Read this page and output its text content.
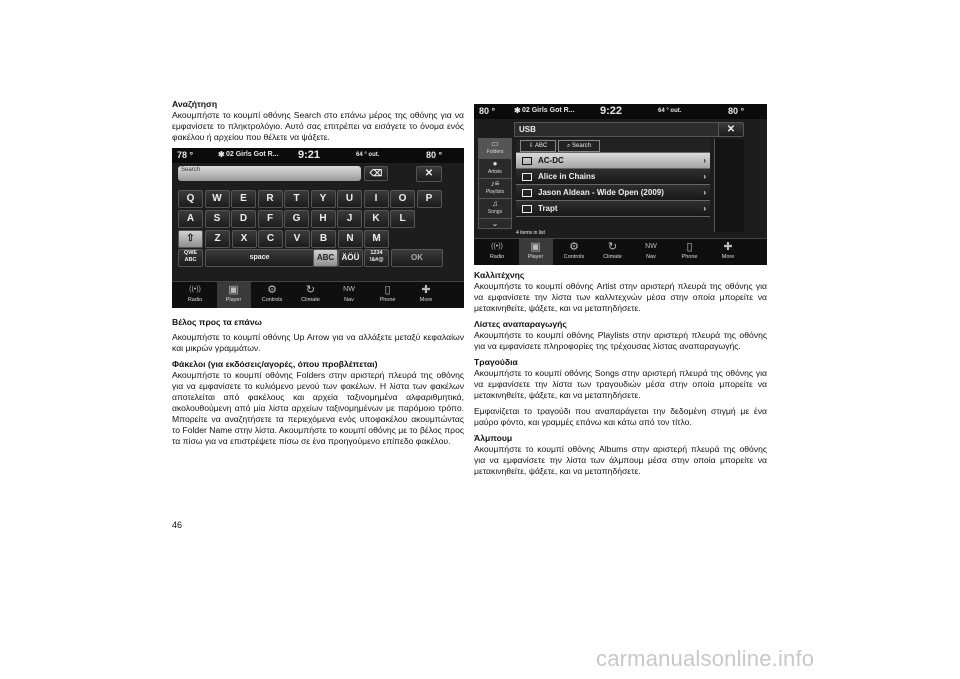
Αναζήτηση

Ακουμπήστε το κουμπί οθόνης Search στο επάνω μέρος της οθόνης για να εμφανίσετε το πληκτρολόγιο. Αυτό σας επιτρέπει να εισάγετε το όνομα ενός φακέλου ή αρχείου που θέλετε να ψάξετε.

78 °	✱ 02 Girls Got R... 9:21	64 ° out.	80 °
Search	⌫	✕
Q	W	E	R	T	Y	U	I	O	P
A	S	D	F	G	H	J	K	L
Z	X	C	V	B	N	M
⇧
QWE
ABC	space	ABC ÄÖÜ	1234
!&#@	OK
((•))
Radio
▣
Player
⚙
Controls
↻
Climate
NW
Nav
▯
Phone
✚
More
Βέλος προς τα επάνω

Ακουμπήστε το κουμπί οθόνης Up Arrow για να αλλάξετε μεταξύ κεφαλαίων και μικρών γραμμάτων.

Φάκελοι (για εκδόσεις/αγορές, όπου προβλέπεται)

Ακουμπήστε το κουμπί οθόνης Folders στην αριστερή πλευρά της οθόνης για να εμφανίσετε το κυλιόμενο μενού των φακέλων. Η λίστα των φακέλων αποτελείται από φακέλους και αρχεία ταξινομημένα αλφαριθμητικά, ακολουθούμενη από μία λίστα αρχείων ταξινομημένων με παρόμοιο τρόπο. Μπορείτε να αναζητήσετε τα περιεχόμενα ενός υποφακέλου ακουμπώντας το Folder Name στην λίστα. Ακουμπήστε το κουμπί οθόνης με το βέλος προς τα πίσω για να επιστρέψετε πίσω σε ένα προηγούμενο επίπεδο φακέλου.

80 ° ✱ 02 Girls Got R... 9:22	64 ° out.	80 °
USB	✕
▭
Folders
●
Artists
♪≡
Playlists
♫
Songs
⌄
⇩ ABC	⌕ Search
AC-DC	›
Alice in Chains	›
Jason Aldean - Wide Open (2009)	›
Trapt	›
4 items in list
((•))
Radio
▣
Player
⚙
Controls
↻
Climate
NW
Nav
▯
Phone
✚
More
Καλλιτέχνης

Ακουμπήστε το κουμπί οθόνης Artist στην αριστερή πλευρά της οθόνης για να εμφανίσετε την λίστα των καλλιτεχνών μέσα στην οποία μπορείτε να μετακινηθείτε, ψάξετε, και να μεταπηδήσετε.

Λίστες αναπαραγωγής

Ακουμπήστε το κουμπί οθόνης Playlists στην αριστερή πλευρά της οθόνης για να εμφανίσετε πληροφορίες της τρέχουσας λίστας αναπαραγωγής.

Τραγούδια

Ακουμπήστε το κουμπί οθόνης Songs στην αριστερή πλευρά της οθόνης για να εμφανίσετε την λίστα των τραγουδιών μέσα στην οποία μπορείτε να μετακινηθείτε, ψάξετε, και να μεταπηδήσετε.

Εμφανίζεται το τραγούδι που αναπαράγεται την δεδομένη στιγμή με ένα μαύρο φόντο, και γραμμές επάνω και κάτω από τον τίτλο.

Άλμπουμ

Ακουμπήστε το κουμπί οθόνης Albums στην αριστερή πλευρά της οθόνης για να εμφανίσετε την λίστα των άλμπουμ μέσα στην οποία μπορείτε να μετακινηθείτε, ψάξετε, και να μεταπηδήσετε.

46
carmanualsonline.info
